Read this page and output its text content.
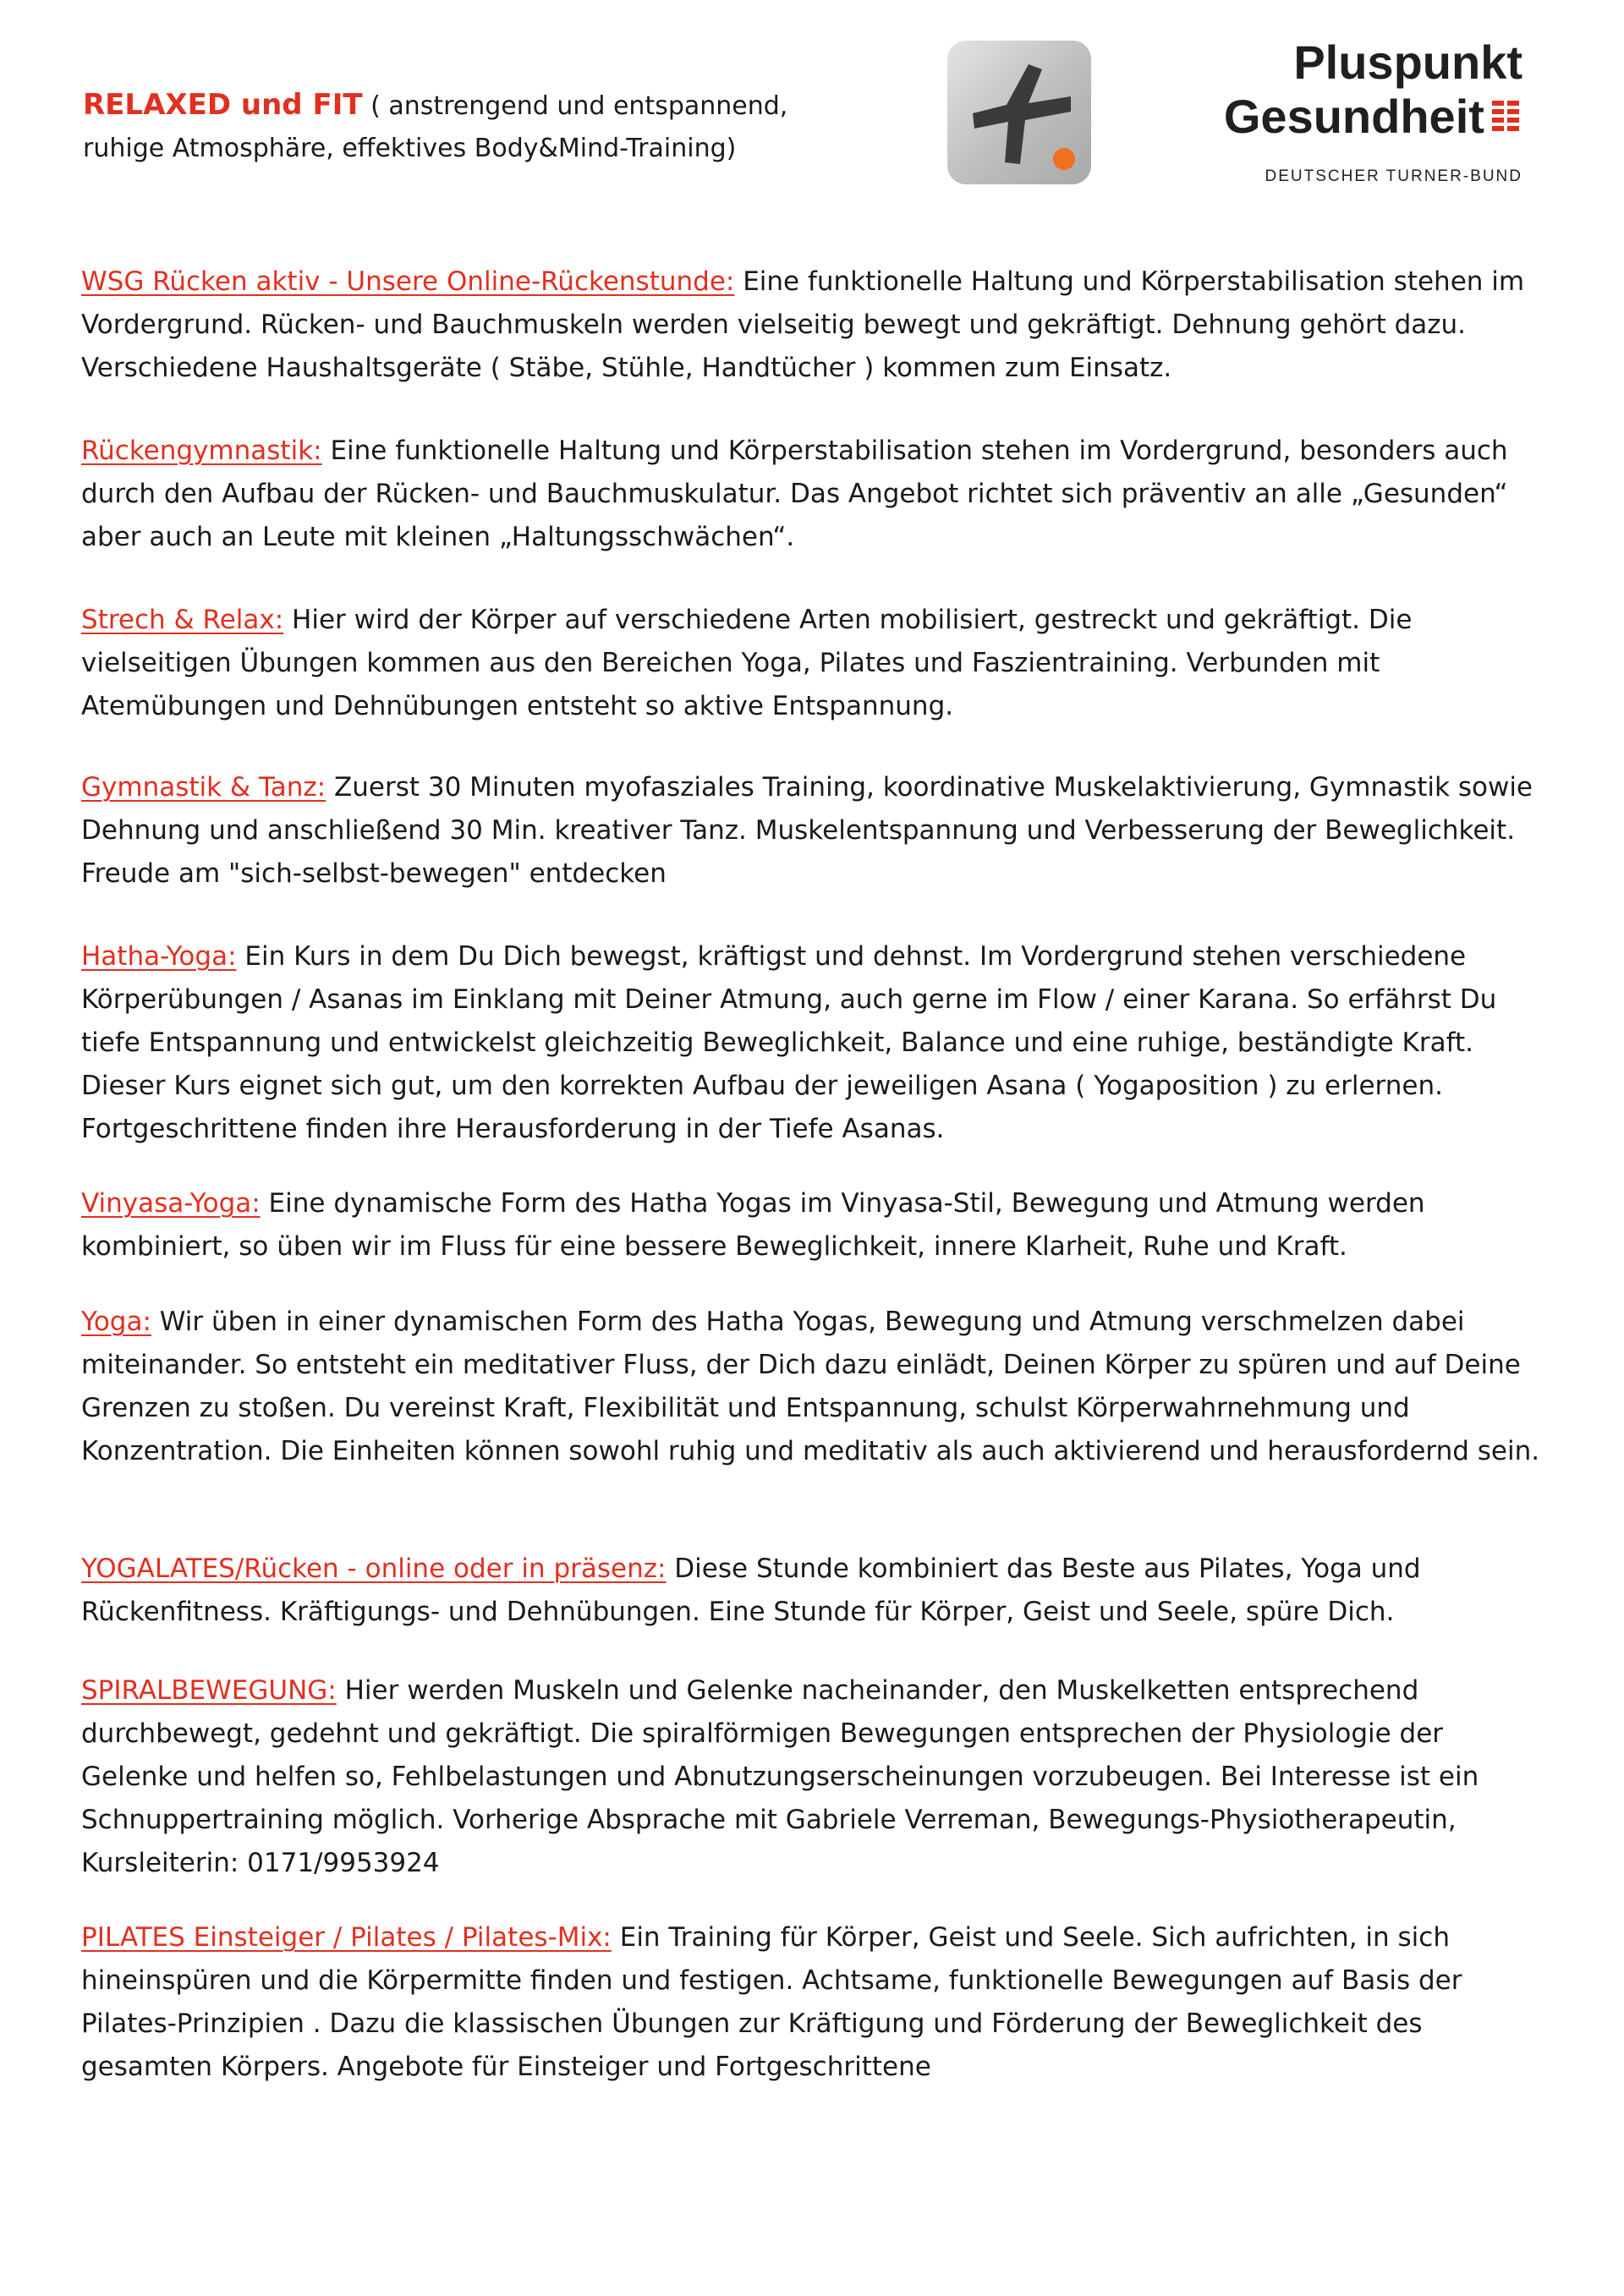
RELAXED und FIT ( anstrengend und entspannend,
ruhige Atmosphäre, effektives Body&Mind-Training)
Pluspunkt
Gesundheit
DEUTSCHER TURNER-BUND
WSG Rücken aktiv - Unsere Online-Rückenstunde: Eine funktionelle Haltung und Körperstabilisation stehen im Vordergrund. Rücken- und Bauchmuskeln werden vielseitig bewegt und gekräftigt. Dehnung gehört dazu. Verschiedene Haushaltsgeräte ( Stäbe, Stühle, Handtücher ) kommen zum Einsatz.
Rückengymnastik: Eine funktionelle Haltung und Körperstabilisation stehen im Vordergrund, besonders auch durch den Aufbau der Rücken- und Bauchmuskulatur. Das Angebot richtet sich präventiv an alle „Gesunden“ aber auch an Leute mit kleinen „Haltungsschwächen“.
Strech & Relax: Hier wird der Körper auf verschiedene Arten mobilisiert, gestreckt und gekräftigt. Die vielseitigen Übungen kommen aus den Bereichen Yoga, Pilates und Faszientraining. Verbunden mit Atemübungen und Dehnübungen entsteht so aktive Entspannung.
Gymnastik & Tanz: Zuerst 30 Minuten myofasziales Training, koordinative Muskelaktivierung, Gymnastik sowie Dehnung und anschließend 30 Min. kreativer Tanz. Muskelentspannung und Verbesserung der Beweglichkeit. Freude am "sich-selbst-bewegen" entdecken
Hatha-Yoga: Ein Kurs in dem Du Dich bewegst, kräftigst und dehnst. Im Vordergrund stehen verschiedene Körperübungen / Asanas im Einklang mit Deiner Atmung, auch gerne im Flow / einer Karana. So erfährst Du tiefe Entspannung und entwickelst gleichzeitig Beweglichkeit, Balance und eine ruhige, beständigte Kraft. Dieser Kurs eignet sich gut, um den korrekten Aufbau der jeweiligen Asana ( Yogaposition ) zu erlernen. Fortgeschrittene finden ihre Herausforderung in der Tiefe Asanas.
Vinyasa-Yoga: Eine dynamische Form des Hatha Yogas im Vinyasa-Stil, Bewegung und Atmung werden kombiniert, so üben wir im Fluss für eine bessere Beweglichkeit, innere Klarheit, Ruhe und Kraft.
Yoga: Wir üben in einer dynamischen Form des Hatha Yogas, Bewegung und Atmung verschmelzen dabei miteinander. So entsteht ein meditativer Fluss, der Dich dazu einlädt, Deinen Körper zu spüren und auf Deine Grenzen zu stoßen. Du vereinst Kraft, Flexibilität und Entspannung, schulst Körperwahrnehmung und Konzentration. Die Einheiten können sowohl ruhig und meditativ als auch aktivierend und herausfordernd sein.
YOGALATES/Rücken - online oder in präsenz: Diese Stunde kombiniert das Beste aus Pilates, Yoga und Rückenfitness. Kräftigungs- und Dehnübungen. Eine Stunde für Körper, Geist und Seele, spüre Dich.
SPIRALBEWEGUNG: Hier werden Muskeln und Gelenke nacheinander, den Muskelketten entsprechend durchbewegt, gedehnt und gekräftigt. Die spiralförmigen Bewegungen entsprechen der Physiologie der Gelenke und helfen so, Fehlbelastungen und Abnutzungserscheinungen vorzubeugen. Bei Interesse ist ein Schnuppertraining möglich. Vorherige Absprache mit Gabriele Verreman, Bewegungs-Physiotherapeutin, Kursleiterin: 0171/9953924
PILATES Einsteiger / Pilates / Pilates-Mix: Ein Training für Körper, Geist und Seele. Sich aufrichten, in sich hineinspüren und die Körpermitte finden und festigen. Achtsame, funktionelle Bewegungen auf Basis der Pilates-Prinzipien . Dazu die klassischen Übungen zur Kräftigung und Förderung der Beweglichkeit des gesamten Körpers. Angebote für Einsteiger und Fortgeschrittene
